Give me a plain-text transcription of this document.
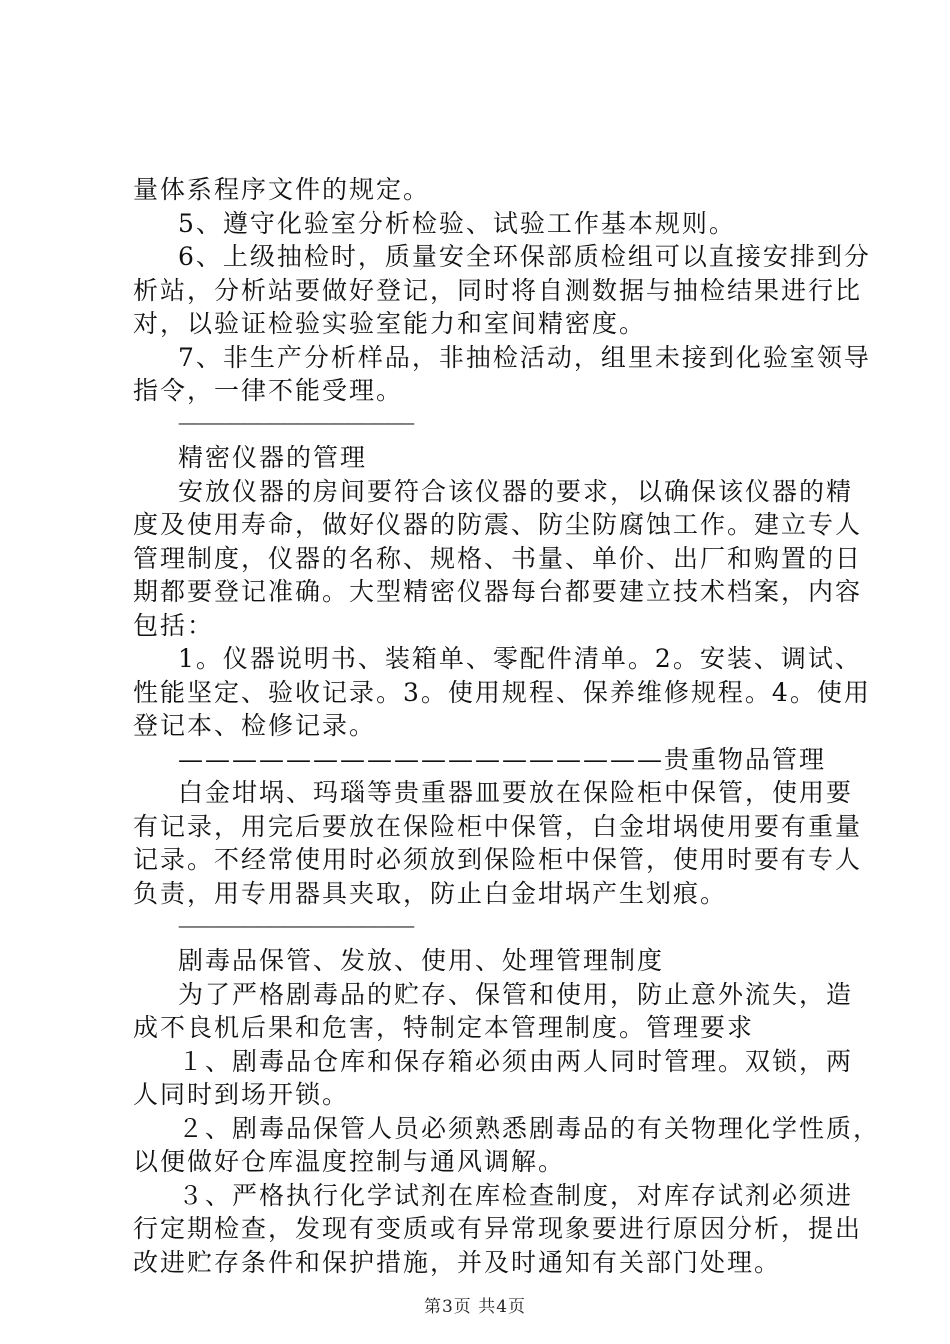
量体系程序文件的规定。
5、遵守化验室分析检验、试验工作基本规则。
6、上级抽检时，质量安全环保部质检组可以直接安排到分
析站，分析站要做好登记，同时将自测数据与抽检结果进行比
对，以验证检验实验室能力和室间精密度。
7、非生产分析样品，非抽检活动，组里未接到化验室领导
指令，一律不能受理。
——————————————————
精密仪器的管理
安放仪器的房间要符合该仪器的要求，以确保该仪器的精
度及使用寿命，做好仪器的防震、防尘防腐蚀工作。建立专人
管理制度，仪器的名称、规格、书量、单价、出厂和购置的日
期都要登记准确。大型精密仪器每台都要建立技术档案，内容
包括：
1。仪器说明书、装箱单、零配件清单。2。安装、调试、
性能坚定、验收记录。3。使用规程、保养维修规程。4。使用
登记本、检修记录。
——————————————————贵重物品管理
白金坩埚、玛瑙等贵重器皿要放在保险柜中保管，使用要
有记录，用完后要放在保险柜中保管，白金坩埚使用要有重量
记录。不经常使用时必须放到保险柜中保管，使用时要有专人
负责，用专用器具夹取，防止白金坩埚产生划痕。
——————————————————
剧毒品保管、发放、使用、处理管理制度
为了严格剧毒品的贮存、保管和使用，防止意外流失，造
成不良机后果和危害，特制定本管理制度。管理要求
１、剧毒品仓库和保存箱必须由两人同时管理。双锁，两
人同时到场开锁。
２、剧毒品保管人员必须熟悉剧毒品的有关物理化学性质，
以便做好仓库温度控制与通风调解。
３、严格执行化学试剂在库检查制度，对库存试剂必须进
行定期检查，发现有变质或有异常现象要进行原因分析，提出
改进贮存条件和保护措施，并及时通知有关部门处理。
第3页 共4页
